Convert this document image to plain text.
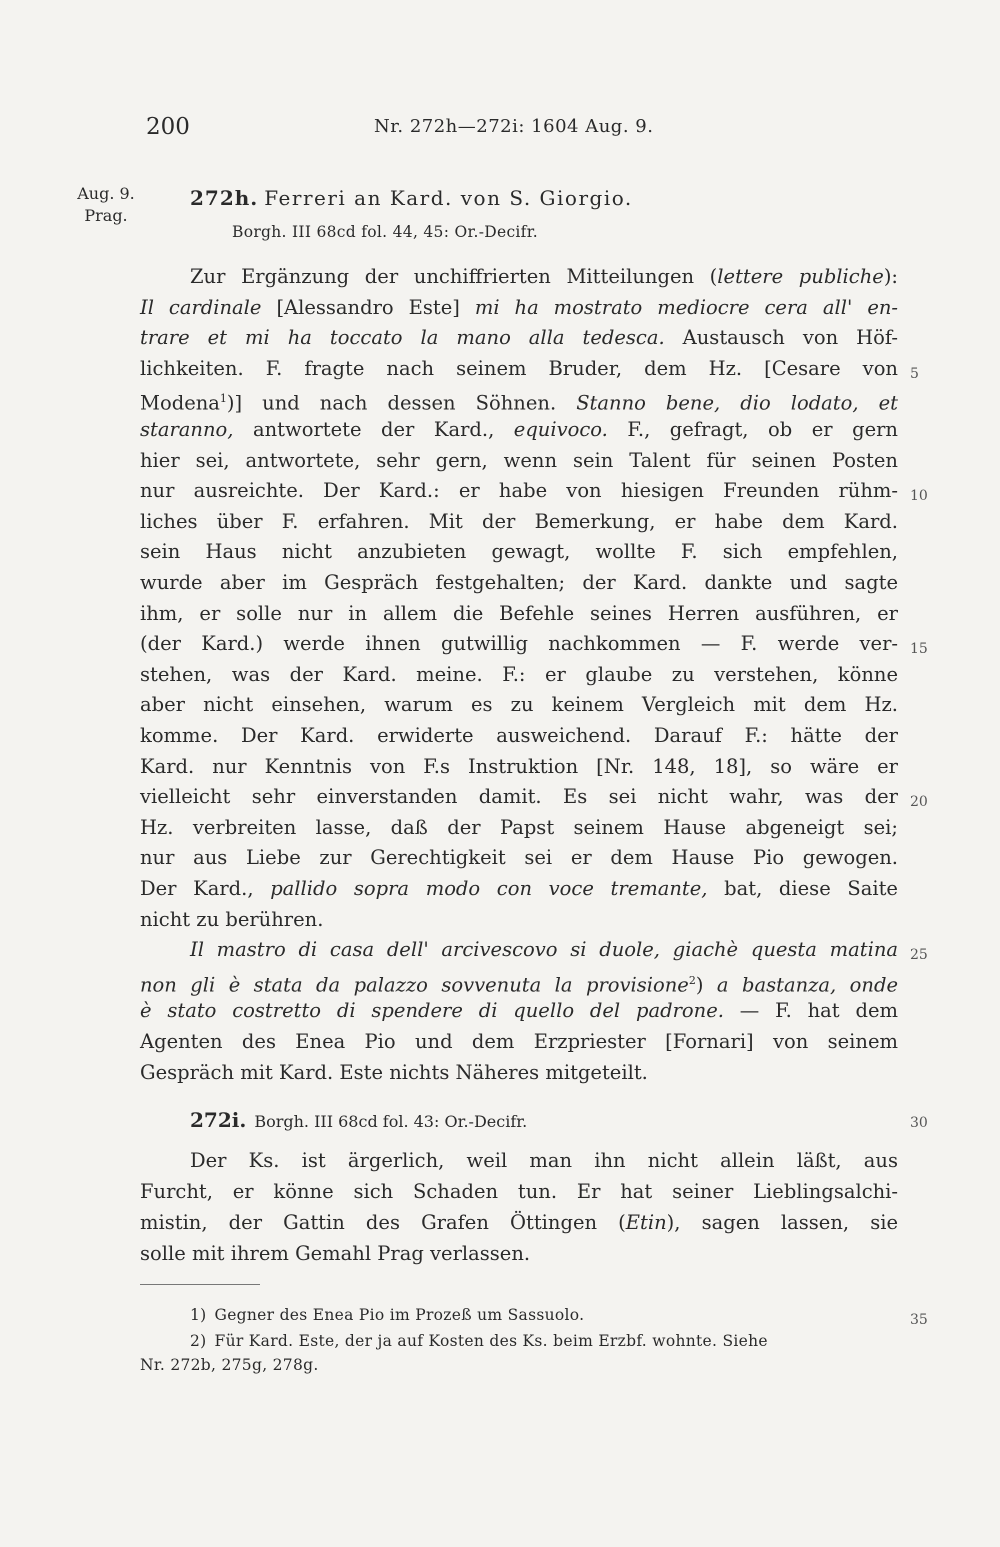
200	Nr. 272h—272i: 1604 Aug. 9.
Aug. 9.
Prag.
272h. Ferreri an Kard. von S. Giorgio.
Borgh. III 68cd fol. 44, 45: Or.-Decifr.
Zur Ergänzung der unchiffrierten Mitteilungen (lettere publiche):
Il cardinale [Alessandro Este] mi ha mostrato mediocre cera all' en-
trare et mi ha toccato la mano alla tedesca. Austausch von Höf-
lichkeiten. F. fragte nach seinem Bruder, dem Hz. [Cesare von
Modena$^1$)] und nach dessen Söhnen. Stanno bene, dio lodato, et
staranno, antwortete der Kard., equivoco. F., gefragt, ob er gern
hier sei, antwortete, sehr gern, wenn sein Talent für seinen Posten
nur ausreichte. Der Kard.: er habe von hiesigen Freunden rühm-
liches über F. erfahren. Mit der Bemerkung, er habe dem Kard.
sein Haus nicht anzubieten gewagt, wollte F. sich empfehlen,
wurde aber im Gespräch festgehalten; der Kard. dankte und sagte
ihm, er solle nur in allem die Befehle seines Herren ausführen, er
(der Kard.) werde ihnen gutwillig nachkommen — F. werde ver-
stehen, was der Kard. meine. F.: er glaube zu verstehen, könne
aber nicht einsehen, warum es zu keinem Vergleich mit dem Hz.
komme. Der Kard. erwiderte ausweichend. Darauf F.: hätte der
Kard. nur Kenntnis von F.s Instruktion [Nr. 148, 18], so wäre er
vielleicht sehr einverstanden damit. Es sei nicht wahr, was der
Hz. verbreiten lasse, daß der Papst seinem Hause abgeneigt sei;
nur aus Liebe zur Gerechtigkeit sei er dem Hause Pio gewogen.
Der Kard., pallido sopra modo con voce tremante, bat, diese Saite
nicht zu berühren.
Il mastro di casa dell' arcivescovo si duole, giachè questa matina
non gli è stata da palazzo sovvenuta la provisione$^2$) a bastanza, onde
è stato costretto di spendere di quello del padrone. — F. hat dem
Agenten des Enea Pio und dem Erzpriester [Fornari] von seinem
Gespräch mit Kard. Este nichts Näheres mitgeteilt.
272i. Borgh. III 68cd fol. 43: Or.-Decifr.
Der Ks. ist ärgerlich, weil man ihn nicht allein läßt, aus
Furcht, er könne sich Schaden tun. Er hat seiner Lieblingsalchi-
mistin, der Gattin des Grafen Öttingen (Etin), sagen lassen, sie
solle mit ihrem Gemahl Prag verlassen.
1) Gegner des Enea Pio im Prozeß um Sassuolo.
2) Für Kard. Este, der ja auf Kosten des Ks. beim Erzbf. wohnte. Siehe
Nr. 272b, 275g, 278g.
5
10
15
20
25
30
35
